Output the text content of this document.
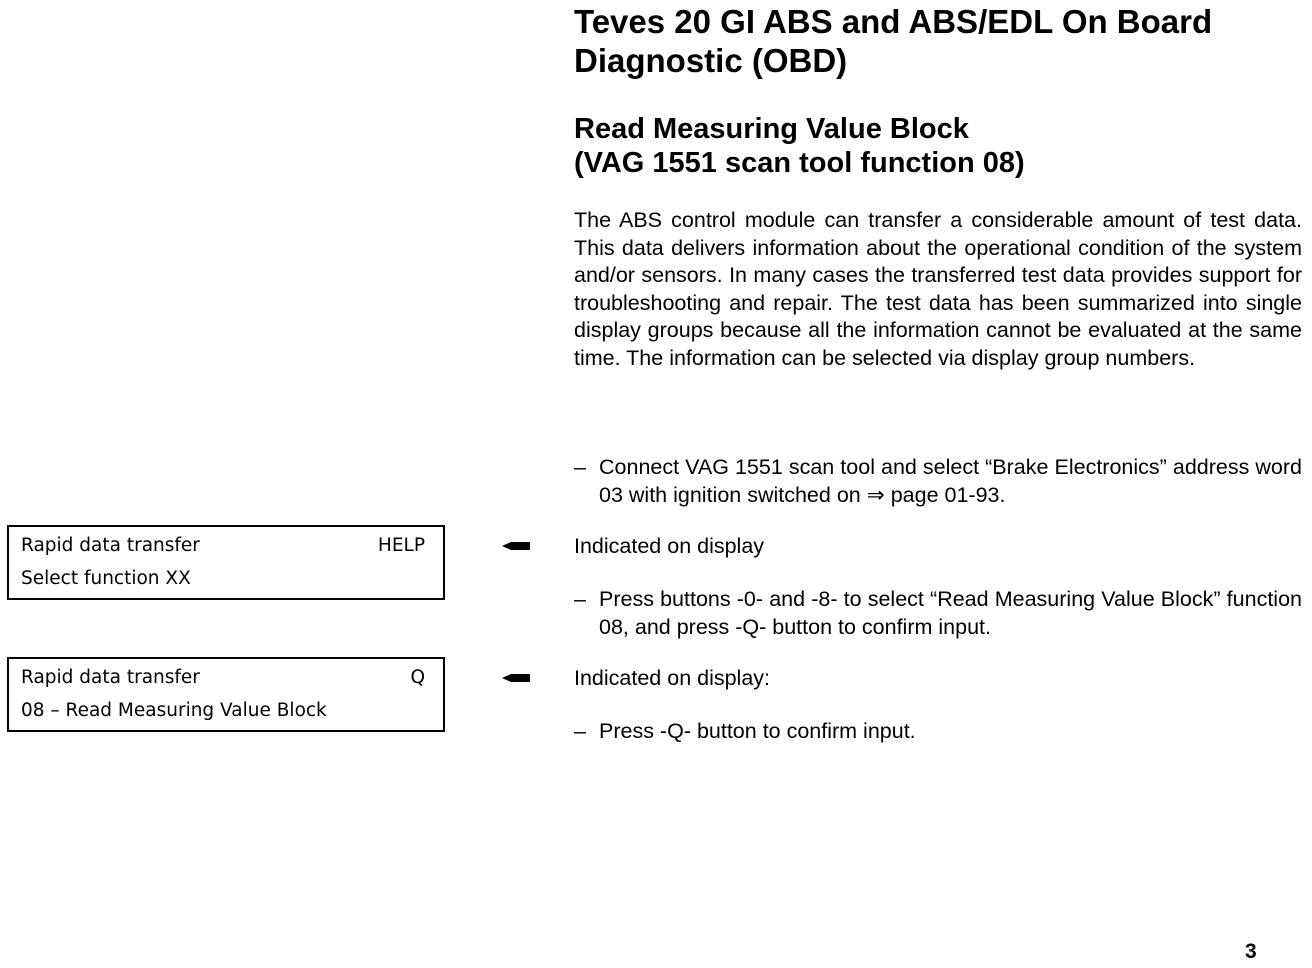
Teves 20 GI ABS and ABS/EDL On Board Diagnostic (OBD)
Read Measuring Value Block
(VAG 1551 scan tool function 08)

The ABS control module can transfer a considerable amount of test data. This data delivers information about the operational condition of the system and/or sensors. In many cases the transferred test data provides support for troubleshooting and repair. The test data has been summarized into single display groups because all the information cannot be evaluated at the same time. The information can be selected via display group numbers.

– Connect VAG 1551 scan tool and select “Brake Electronics” address word 03 with ignition switched on ⇒ page 01-93.
Rapid data transfer	HELP
Select function XX
Indicated on display
– Press buttons -0- and -8- to select “Read Measuring Value Block” function 08, and press -Q- button to confirm input.
Rapid data transfer	Q
08 – Read Measuring Value Block
Indicated on display:
– Press -Q- button to confirm input.
3
